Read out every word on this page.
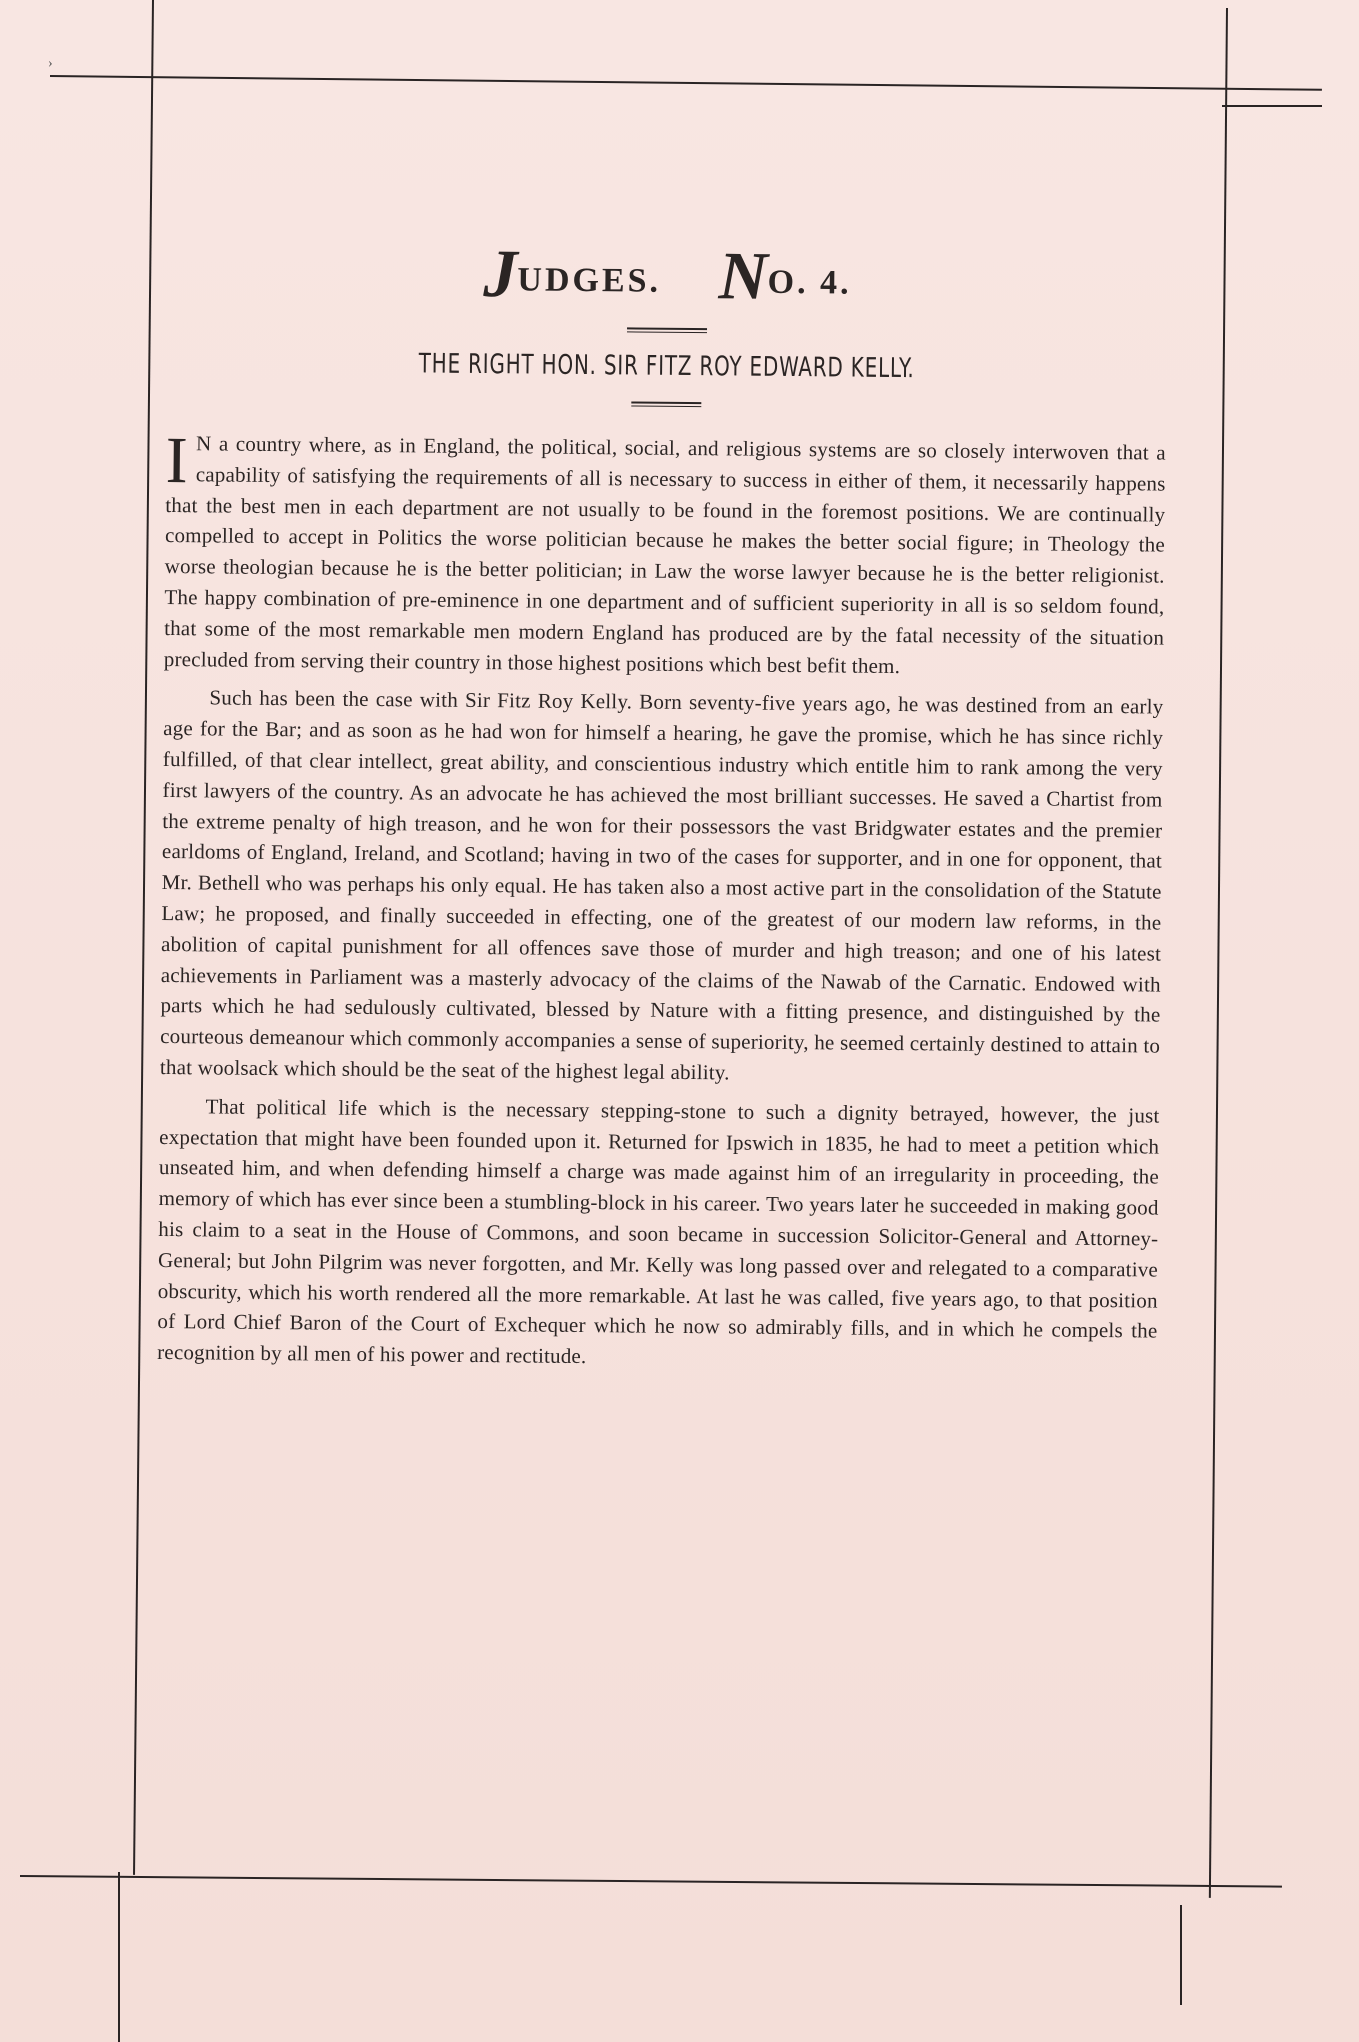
›
JUDGES. NO. 4.
THE RIGHT HON. SIR FITZ ROY EDWARD KELLY.

I N a country where, as in England, the political, social, and religious systems are so closely interwoven that a capability of satisfying the requirements of all is necessary to success in either of them, it necessarily happens that the best men in each department are not usually to be found in the foremost positions. We are continually compelled to accept in Politics the worse politician because he makes the better social figure; in Theology the worse theologian because he is the better politician; in Law the worse lawyer because he is the better religionist. The happy combination of pre-eminence in one department and of sufficient superiority in all is so seldom found, that some of the most remarkable men modern England has produced are by the fatal necessity of the situation precluded from serving their country in those highest positions which best befit them.

Such has been the case with Sir Fitz Roy Kelly. Born seventy-five years ago, he was destined from an early age for the Bar; and as soon as he had won for himself a hearing, he gave the promise, which he has since richly fulfilled, of that clear intellect, great ability, and conscientious industry which entitle him to rank among the very first lawyers of the country. As an advocate he has achieved the most brilliant successes. He saved a Chartist from the extreme penalty of high treason, and he won for their possessors the vast Bridgwater estates and the premier earldoms of England, Ireland, and Scotland; having in two of the cases for supporter, and in one for opponent, that Mr. Bethell who was perhaps his only equal. He has taken also a most active part in the consolidation of the Statute Law; he proposed, and finally succeeded in effecting, one of the greatest of our modern law reforms, in the abolition of capital punishment for all offences save those of murder and high treason; and one of his latest achievements in Parliament was a masterly advocacy of the claims of the Nawab of the Carnatic. Endowed with parts which he had sedulously cultivated, blessed by Nature with a fitting presence, and distinguished by the courteous demeanour which commonly accompanies a sense of superiority, he seemed certainly destined to attain to that woolsack which should be the seat of the highest legal ability.

That political life which is the necessary stepping-stone to such a dignity betrayed, however, the just expectation that might have been founded upon it. Returned for Ipswich in 1835, he had to meet a petition which unseated him, and when defending himself a charge was made against him of an irregularity in proceeding, the memory of which has ever since been a stumbling-block in his career. Two years later he succeeded in making good his claim to a seat in the House of Commons, and soon became in succession Solicitor-General and Attorney-General; but John Pilgrim was never forgotten, and Mr. Kelly was long passed over and relegated to a comparative obscurity, which his worth rendered all the more remarkable. At last he was called, five years ago, to that position of Lord Chief Baron of the Court of Exchequer which he now so admirably fills, and in which he compels the recognition by all men of his power and rectitude.
